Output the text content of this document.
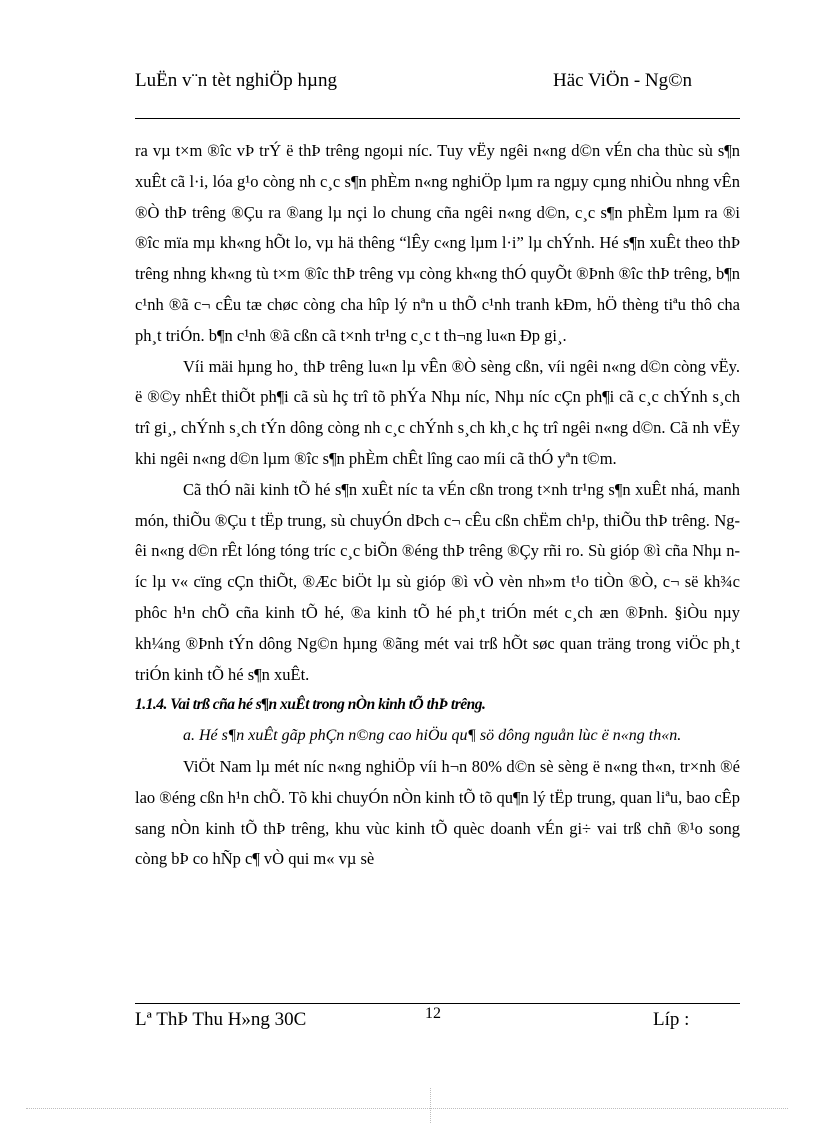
LuËn v¨n tèt nghiÖp hµng	Häc ViÖn - Ng©n

ra vµ t×m ®îc vÞ trÝ ë thÞ trêng ngoµi níc. Tuy vËy ngêi n«ng d©n vÉn cha thùc sù s¶n xuÊt cã l·i, lóa g¹o còng nh c¸c s¶n phÈm n«ng nghiÖp lµm ra ngµy cµng nhiÒu nhng vÊn ®Ò thÞ trêng ®Çu ra ®ang lµ nçi lo chung cña ngêi n«ng d©n, c¸c s¶n phÈm lµm ra ®i ®îc mïa mµ kh«ng hÕt lo, vµ hä thêng “lÊy c«ng lµm l·i” lµ chÝnh. Hé s¶n xuÊt theo thÞ trêng nhng kh«ng tù t×m ®îc thÞ trêng vµ còng kh«ng thÓ quyÕt ®Þnh ®îc thÞ trêng, b¶n c¹nh ®ã c¬ cÊu tæ chøc còng cha hîp lý nªn u thÕ c¹nh tranh kÐm, hÖ thèng tiªu thô cha ph¸t triÓn. b¶n c¹nh ®ã cßn cã t×nh tr¹ng c¸c t th¬ng lu«n Ðp gi¸.

Víi mäi hµng ho¸ thÞ trêng lu«n lµ vÊn ®Ò sèng cßn, víi ngêi n«ng d©n còng vËy. ë ®©y nhÊt thiÕt ph¶i cã sù hç trî tõ phÝa Nhµ níc, Nhµ níc cÇn ph¶i cã c¸c chÝnh s¸ch trî gi¸, chÝnh s¸ch tÝn dông còng nh c¸c chÝnh s¸ch kh¸c hç trî ngêi n«ng d©n. Cã nh vËy khi ngêi n«ng d©n lµm ®îc s¶n phÈm chÊt lîng cao míi cã thÓ yªn t©m.

Cã thÓ nãi kinh tÕ hé s¶n xuÊt níc ta vÉn cßn trong t×nh tr¹ng s¶n xuÊt nhá, manh món, thiÕu ®Çu t tËp trung, sù chuyÓn dÞch c¬ cÊu cßn chËm ch¹p, thiÕu thÞ trêng. Ngêi n«ng d©n rÊt lóng tóng tríc c¸c biÕn ®éng thÞ trêng ®Çy rñi ro. Sù gióp ®ì cña Nhµ níc lµ v« cïng cÇn thiÕt, ®Æc biÖt lµ sù gióp ®ì vÒ vèn nh»m t¹o tiÒn ®Ò, c¬ së kh¾c phôc h¹n chÕ cña kinh tÕ hé, ®a kinh tÕ hé ph¸t triÓn mét c¸ch æn ®Þnh. §iÒu nµy kh¼ng ®Þnh tÝn dông Ng©n hµng ®ãng mét vai trß hÕt søc quan träng trong viÖc ph¸t triÓn kinh tÕ hé s¶n xuÊt.

1.1.4. Vai trß cña hé s¶n xuÊt trong nÒn kinh tÕ thÞ trêng.

a. Hé s¶n xuÊt gãp phÇn n©ng cao hiÖu qu¶ sö dông nguån lùc ë n«ng th«n.

ViÖt Nam lµ mét níc n«ng nghiÖp víi h¬n 80% d©n sè sèng ë n«ng th«n, tr×nh ®é lao ®éng cßn h¹n chÕ. Tõ khi chuyÓn nÒn kinh tÕ tõ qu¶n lý tËp trung, quan liªu, bao cÊp sang nÒn kinh tÕ thÞ trêng, khu vùc kinh tÕ quèc doanh vÉn gi÷ vai trß chñ ®¹o song còng bÞ co hÑp c¶ vÒ qui m« vµ sè

Lª ThÞ Thu H»ng 30C	12	Líp :
